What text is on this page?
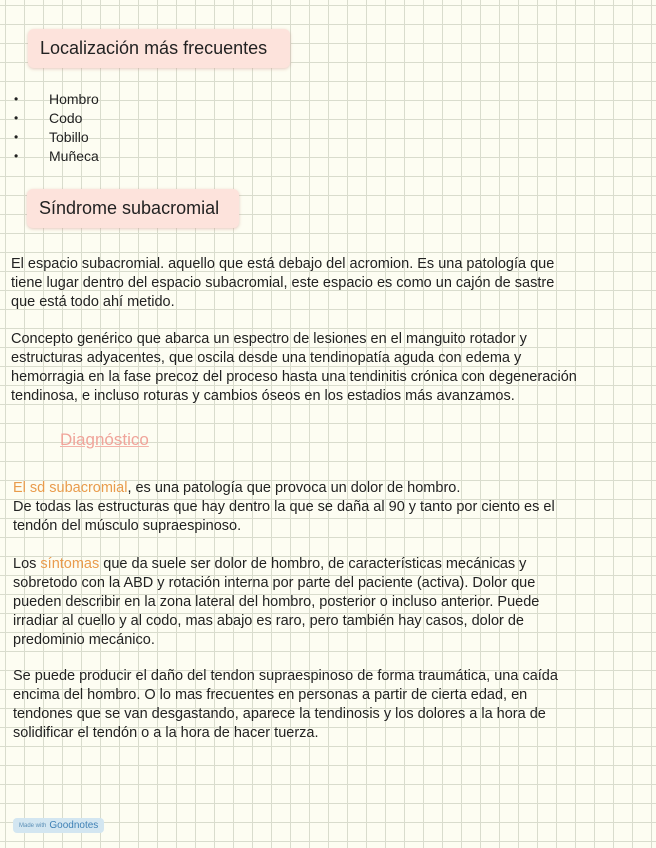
Localización más frecuentes
• Hombro
• Codo
• Tobillo
• Muñeca
Síndrome subacromial

El espacio subacromial. aquello que está debajo del acromion. Es una patología que
tiene lugar dentro del espacio subacromial, este espacio es como un cajón de sastre
que está todo ahí metido.

Concepto genérico que abarca un espectro de lesiones en el manguito rotador y
estructuras adyacentes, que oscila desde una tendinopatía aguda con edema y
hemorragia en la fase precoz del proceso hasta una tendinitis crónica con degeneración
tendinosa, e incluso roturas y cambios óseos en los estadios más avanzamos.

Diagnóstico

El sd subacromial, es una patología que provoca un dolor de hombro.
De todas las estructuras que hay dentro la que se daña al 90 y tanto por ciento es el
tendón del músculo supraespinoso.

Los síntomas que da suele ser dolor de hombro, de características mecánicas y
sobretodo con la ABD y rotación interna por parte del paciente (activa). Dolor que
pueden describir en la zona lateral del hombro, posterior o incluso anterior. Puede
irradiar al cuello y al codo, mas abajo es raro, pero también hay casos, dolor de
predominio mecánico.

Se puede producir el daño del tendon supraespinoso de forma traumática, una caída
encima del hombro. O lo mas frecuentes en personas a partir de cierta edad, en
tendones que se van desgastando, aparece la tendinosis y los dolores a la hora de
solidificar el tendón o a la hora de hacer tuerza.

Made with Goodnotes
